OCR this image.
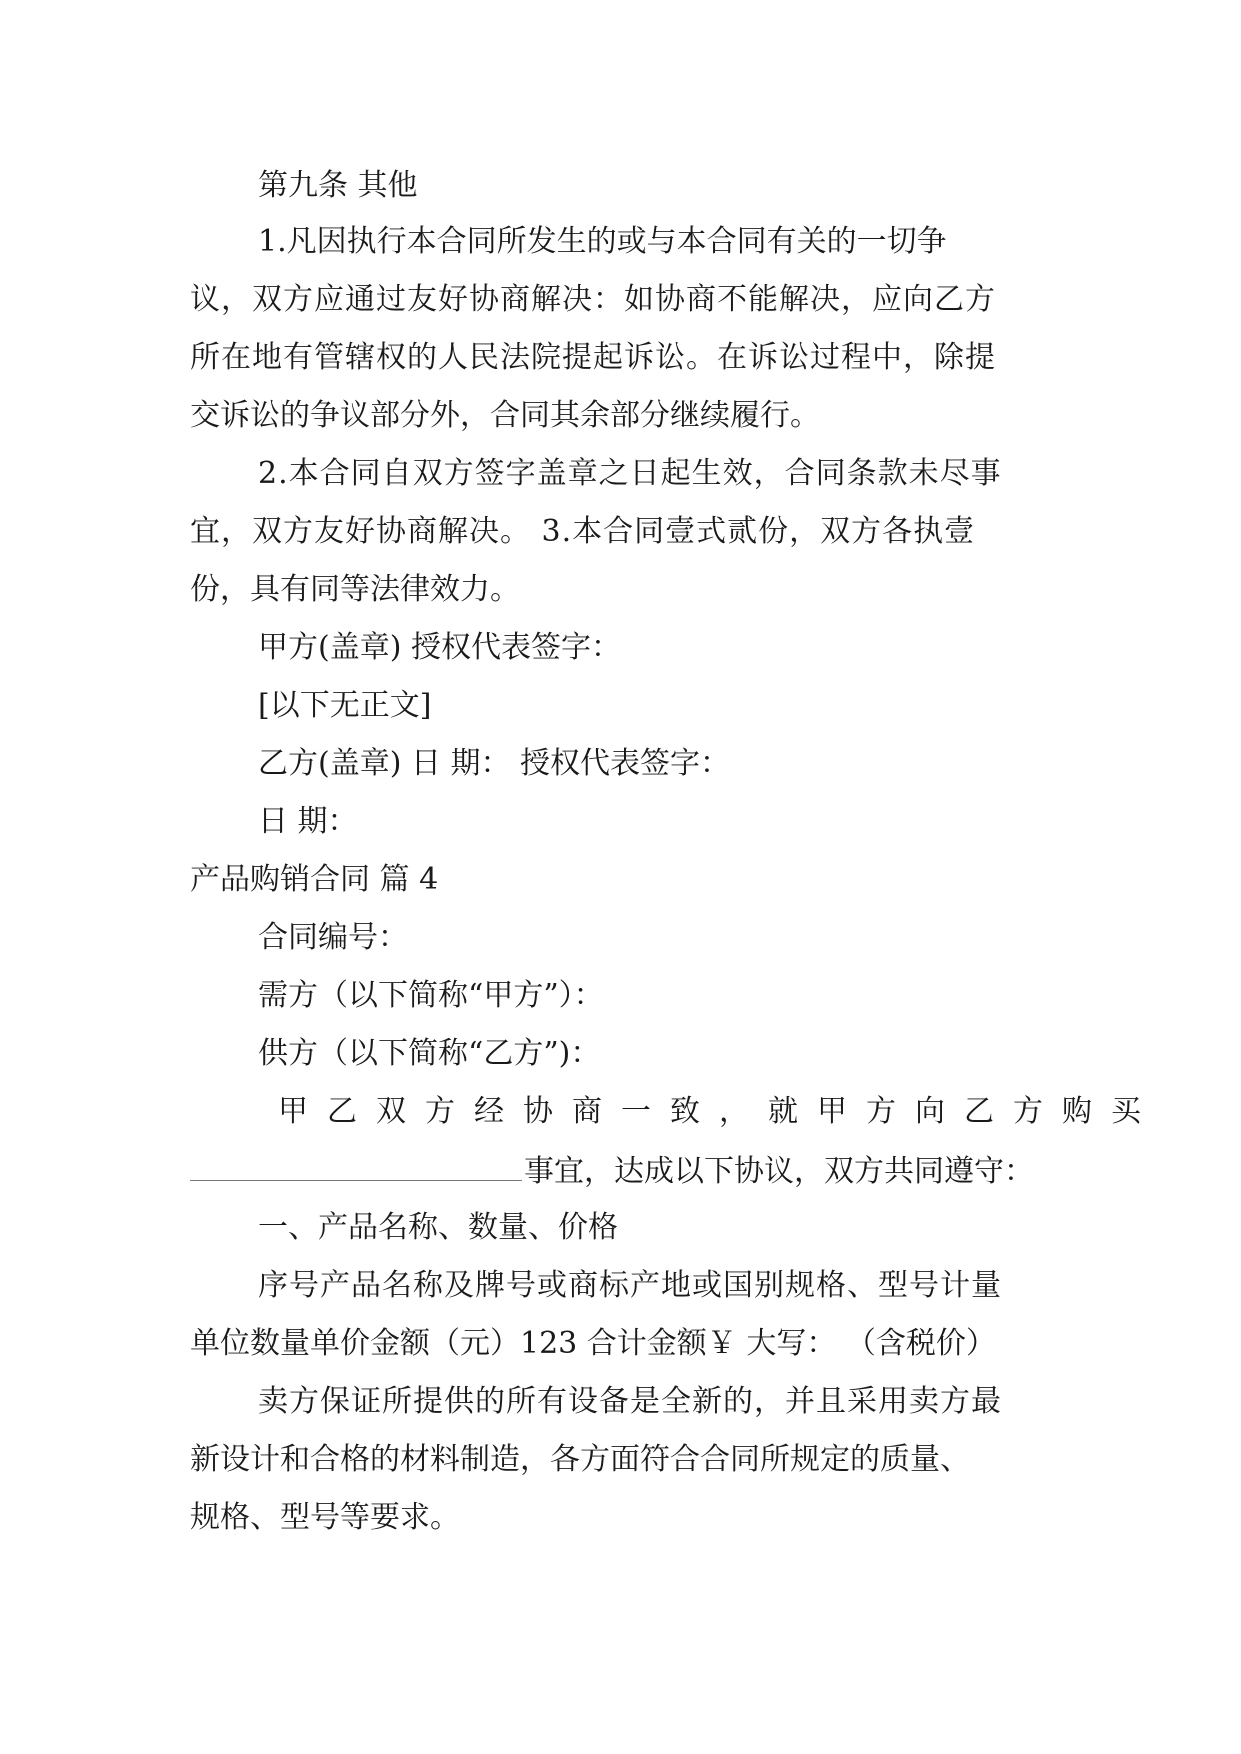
第九条 其他
1.凡因执行本合同所发生的或与本合同有关的一切争
议，双方应通过友好协商解决：如协商不能解决，应向乙方
所在地有管辖权的人民法院提起诉讼。在诉讼过程中，除提
交诉讼的争议部分外，合同其余部分继续履行。
2.本合同自双方签字盖章之日起生效，合同条款未尽事
宜，双方友好协商解决。 3.本合同壹式贰份，双方各执壹
份，具有同等法律效力。
甲方(盖章) 授权代表签字：
[以下无正文]
乙方(盖章) 日 期： 授权代表签字：
日 期：
产品购销合同 篇 4
合同编号：
需方（以下简称“甲方”）：
供方（以下简称“乙方”)：
甲乙双方经协商一致，就甲方向乙方购买
事宜，达成以下协议，双方共同遵守：
一、产品名称、数量、价格
序号产品名称及牌号或商标产地或国别规格、型号计量
单位数量单价金额（元）123 合计金额￥ 大写： （含税价）
卖方保证所提供的所有设备是全新的，并且采用卖方最
新设计和合格的材料制造，各方面符合合同所规定的质量、
规格、型号等要求。
